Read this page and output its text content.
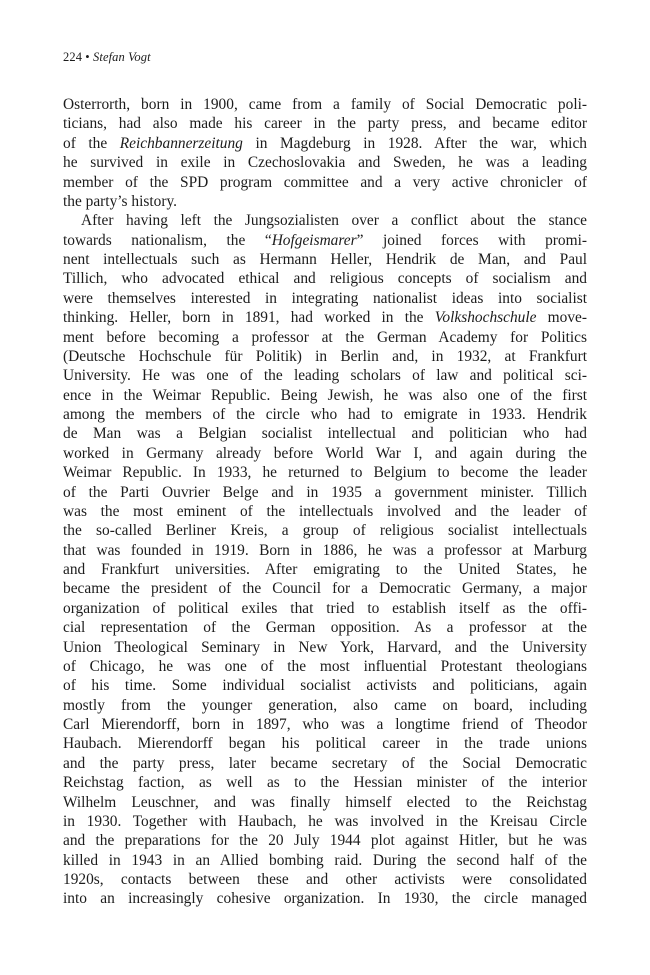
224 • Stefan Vogt
Osterrorth, born in 1900, came from a family of Social Democratic poli-
ticians, had also made his career in the party press, and became editor
of the Reichbannerzeitung in Magdeburg in 1928. After the war, which
he survived in exile in Czechoslovakia and Sweden, he was a leading
member of the SPD program committee and a very active chronicler of
the party’s history.
After having left the Jungsozialisten over a conflict about the stance
towards nationalism, the “Hofgeismarer” joined forces with promi-
nent intellectuals such as Hermann Heller, Hendrik de Man, and Paul
Tillich, who advocated ethical and religious concepts of socialism and
were themselves interested in integrating nationalist ideas into socialist
thinking. Heller, born in 1891, had worked in the Volkshochschule move-
ment before becoming a professor at the German Academy for Politics
(Deutsche Hochschule für Politik) in Berlin and, in 1932, at Frankfurt
University. He was one of the leading scholars of law and political sci-
ence in the Weimar Republic. Being Jewish, he was also one of the first
among the members of the circle who had to emigrate in 1933. Hendrik
de Man was a Belgian socialist intellectual and politician who had
worked in Germany already before World War I, and again during the
Weimar Republic. In 1933, he returned to Belgium to become the leader
of the Parti Ouvrier Belge and in 1935 a government minister. Tillich
was the most eminent of the intellectuals involved and the leader of
the so-called Berliner Kreis, a group of religious socialist intellectuals
that was founded in 1919. Born in 1886, he was a professor at Marburg
and Frankfurt universities. After emigrating to the United States, he
became the president of the Council for a Democratic Germany, a major
organization of political exiles that tried to establish itself as the offi-
cial representation of the German opposition. As a professor at the
Union Theological Seminary in New York, Harvard, and the University
of Chicago, he was one of the most influential Protestant theologians
of his time. Some individual socialist activists and politicians, again
mostly from the younger generation, also came on board, including
Carl Mierendorff, born in 1897, who was a longtime friend of Theodor
Haubach. Mierendorff began his political career in the trade unions
and the party press, later became secretary of the Social Democratic
Reichstag faction, as well as to the Hessian minister of the interior
Wilhelm Leuschner, and was finally himself elected to the Reichstag
in 1930. Together with Haubach, he was involved in the Kreisau Circle
and the preparations for the 20 July 1944 plot against Hitler, but he was
killed in 1943 in an Allied bombing raid. During the second half of the
1920s, contacts between these and other activists were consolidated
into an increasingly cohesive organization. In 1930, the circle managed
